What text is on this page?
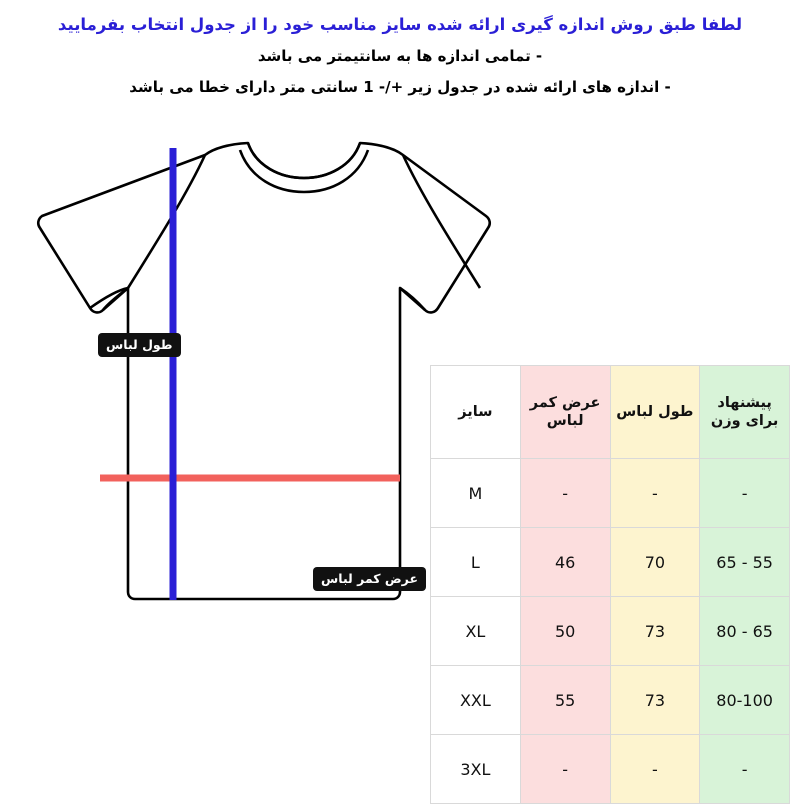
لطفا طبق روش اندازه گیری ارائه شده سایز مناسب خود را از جدول انتخاب بفرمایید
- تمامی اندازه ها به سانتیمتر می باشد
- اندازه های ارائه شده در جدول زیر +/- 1 سانتی متر دارای خطا می باشد
طول لباس
عرض کمر لباس
پیشنهاد برای وزن	طول لباس	عرض کمر لباس	سایز
-	-	-	M
55 - 65	70	46	L
65 - 80	73	50	XL
80-100	73	55	XXL
-	-	-	3XL
